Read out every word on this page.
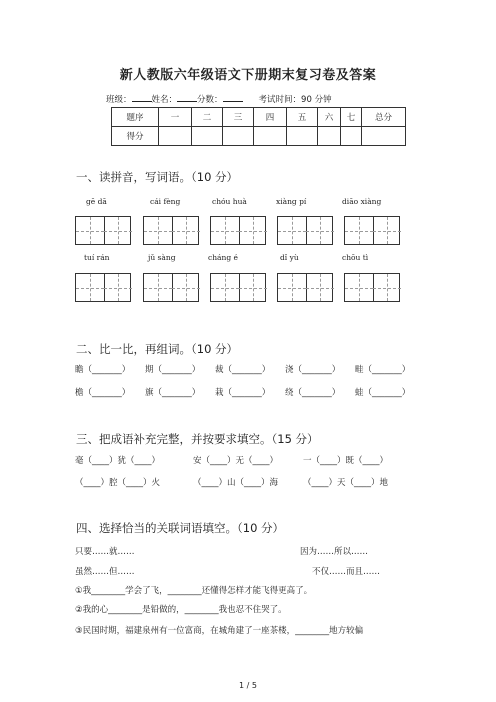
新人教版六年级语文下册期末复习卷及答案
班级： 姓名： 分数：	考试时间：90 分钟
题序	一	二	三	四	五	六	七	总分
得分								
一、读拼音，写词语。（10 分）
gē dā	cái fèng	chóu huà	xiàng pí	diāo xiàng
tuí rán	jǔ sàng	cháng é	dǐ yù	chōu tì
二、比一比，再组词。（10 分）
瞻（_______） 期（_______） 裁（_______） 浇（_______） 畦（_______）
檐（_______） 旗（_______） 栽（_______） 绕（_______） 蛙（_______）
三、把成语补充完整，并按要求填空。（15 分）
毫（____）犹（____）	安（____）无（____）	一（____）既（____）
（____）腔（____）火	（____）山（____）海	（____）天（____）地
四、选择恰当的关联词语填空。（10 分）
只要……就……	因为……所以……
虽然……但……	不仅……而且……
①我________学会了飞，________还懂得怎样才能飞得更高了。
②我的心________是铅做的，________我也忍不住哭了。
③民国时期，福建泉州有一位富商，在城角建了一座茶楼，________地方较偏
1 / 5
